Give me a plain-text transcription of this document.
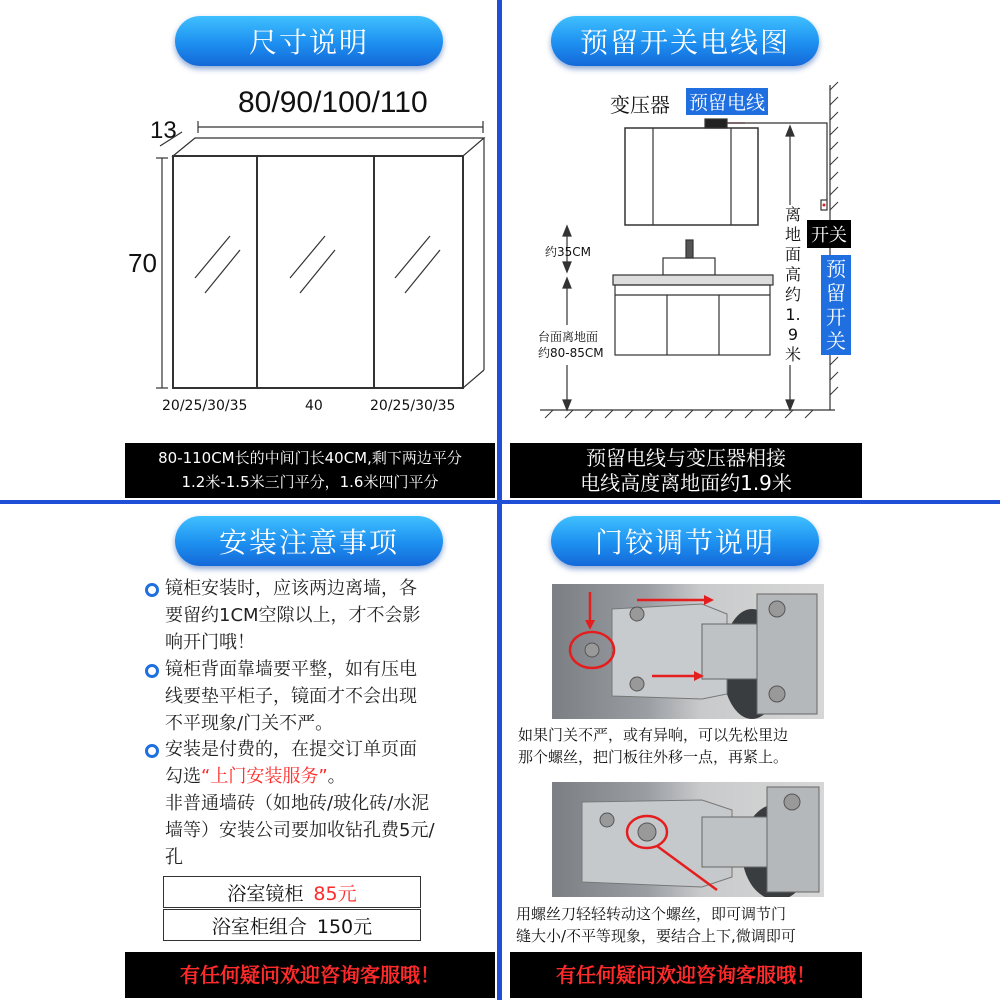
尺寸说明
80/90/100/110
13
70
20/25/30/35	40	20/25/30/35
80-110CM长的中间门长40CM,剩下两边平分
1.2米-1.5米三门平分，1.6米四门平分
预留开关电线图
变压器 预留电线
约35CM
台面离地面
约80-85CM
离地面高约1.9米
开关
预留开关
预留电线与变压器相接
电线高度离地面约1.9米
安装注意事项
镜柜安装时，应该两边离墙，各
要留约1CM空隙以上，才不会影
响开门哦！
镜柜背面靠墙要平整，如有压电
线要垫平柜子，镜面才不会出现
不平现象/门关不严。
安装是付费的，在提交订单页面
勾选“上门安装服务”。
非普通墙砖（如地砖/玻化砖/水泥
墙等）安装公司要加收钻孔费5元/
孔
浴室镜柜 85元
浴室柜组合 150元
门铰调节说明
如果门关不严，或有异响，可以先松里边
那个螺丝，把门板往外移一点，再紧上。
用螺丝刀轻轻转动这个螺丝，即可调节门
缝大小/不平等现象，要结合上下,微调即可
有任何疑问欢迎咨询客服哦！	有任何疑问欢迎咨询客服哦！
